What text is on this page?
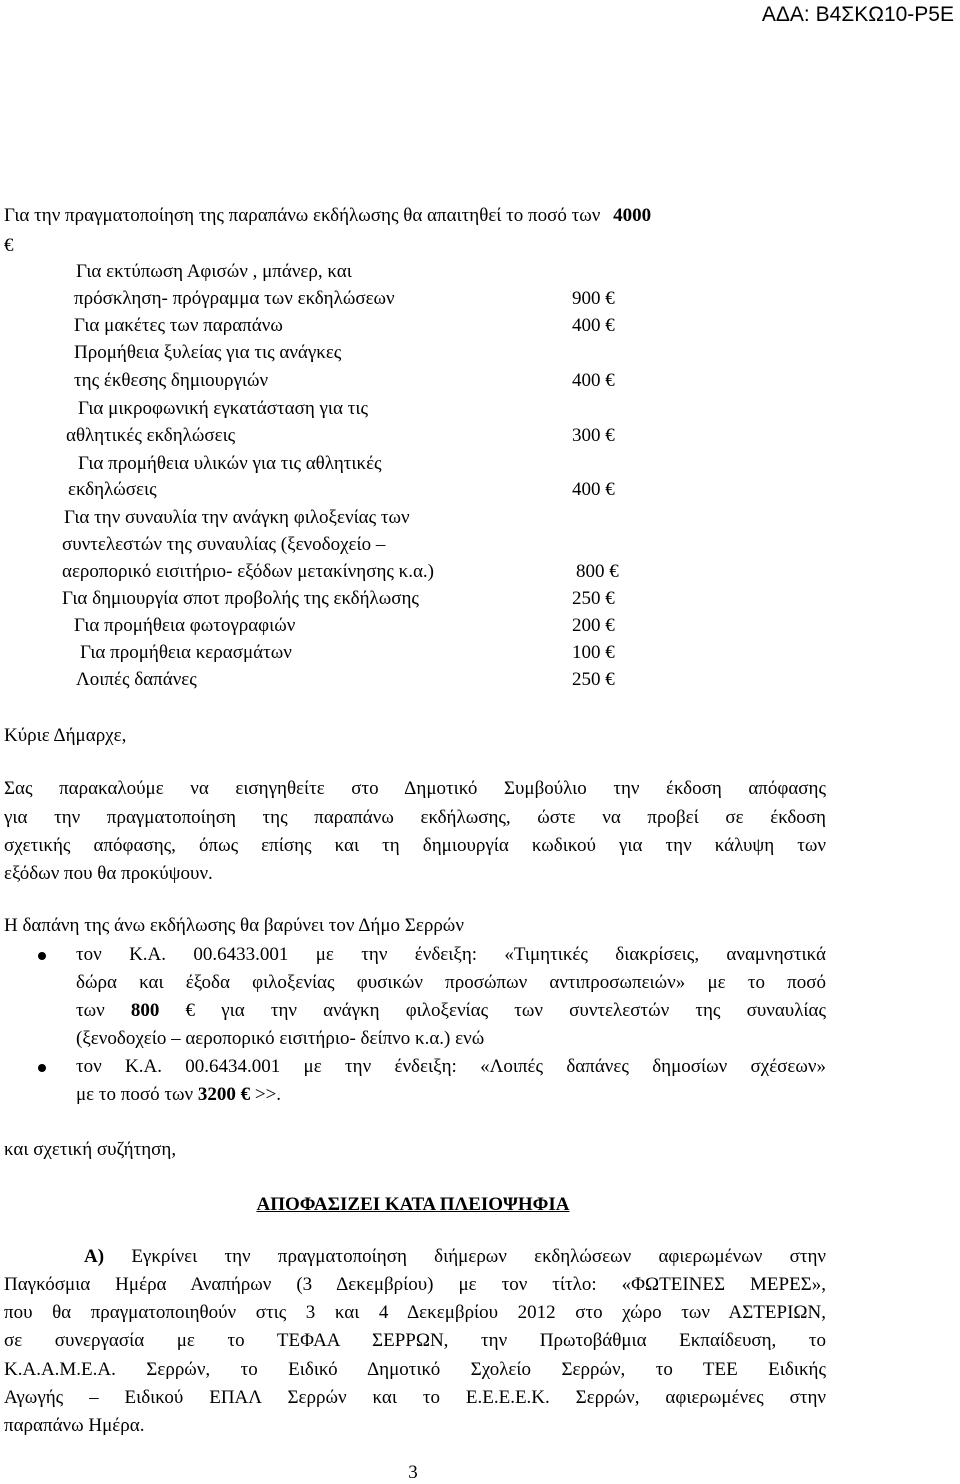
ΑΔΑ: Β4ΣΚΩ10-Ρ5Ε
Για την πραγματοποίηση της παραπάνω εκδήλωσης θα απαιτηθεί το ποσό των 4000
€
Για εκτύπωση Αφισών , μπάνερ, και
πρόσκληση- πρόγραμμα των εκδηλώσεων	900 €
Για μακέτες των παραπάνω	400 €
Προμήθεια ξυλείας για τις ανάγκες
της έκθεσης δημιουργιών	400 €
Για μικροφωνική εγκατάσταση για τις
αθλητικές εκδηλώσεις	300 €
Για προμήθεια υλικών για τις αθλητικές
εκδηλώσεις	400 €
Για την συναυλία την ανάγκη φιλοξενίας των
συντελεστών της συναυλίας (ξενοδοχείο –
αεροπορικό εισιτήριο- εξόδων μετακίνησης κ.α.)	800 €
Για δημιουργία σποτ προβολής της εκδήλωσης	250 €
Για προμήθεια φωτογραφιών	200 €
Για προμήθεια κερασμάτων	100 €
Λοιπές δαπάνες	250 €
Κύριε Δήμαρχε,
Σας παρακαλούμε να εισηγηθείτε στο Δημοτικό Συμβούλιο την έκδοση απόφασης
για την πραγματοποίηση της παραπάνω εκδήλωσης, ώστε να προβεί σε έκδοση
σχετικής απόφασης, όπως επίσης και τη δημιουργία κωδικού για την κάλυψη των
εξόδων που θα προκύψουν.
Η δαπάνη της άνω εκδήλωσης θα βαρύνει τον Δήμο Σερρών
τον Κ.Α. 00.6433.001 με την ένδειξη: «Τιμητικές διακρίσεις, αναμνηστικά
δώρα και έξοδα φιλοξενίας φυσικών προσώπων αντιπροσωπειών» με το ποσό
των 800 € για την ανάγκη φιλοξενίας των συντελεστών της συναυλίας
(ξενοδοχείο – αεροπορικό εισιτήριο- δείπνο κ.α.) ενώ
τον Κ.Α. 00.6434.001 με την ένδειξη: «Λοιπές δαπάνες δημοσίων σχέσεων»
με το ποσό των 3200 € >>.
και σχετική συζήτηση,
ΑΠΟΦΑΣΙΖΕΙ ΚΑΤΑ ΠΛΕΙΟΨΗΦΙΑ
Α) Εγκρίνει την πραγματοποίηση διήμερων εκδηλώσεων αφιερωμένων στην
Παγκόσμια Ημέρα Αναπήρων (3 Δεκεμβρίου) με τον τίτλο: «ΦΩΤΕΙΝΕΣ ΜΕΡΕΣ»,
που θα πραγματοποιηθούν στις 3 και 4 Δεκεμβρίου 2012 στο χώρο των ΑΣΤΕΡΙΩΝ,
σε συνεργασία με το ΤΕΦΑΑ ΣΕΡΡΩΝ, την Πρωτοβάθμια Εκπαίδευση, το
Κ.Α.Α.Μ.Ε.Α. Σερρών, το Ειδικό Δημοτικό Σχολείο Σερρών, το ΤΕΕ Ειδικής
Αγωγής – Ειδικού ΕΠΑΛ Σερρών και το Ε.Ε.Ε.Ε.Κ. Σερρών, αφιερωμένες στην
παραπάνω Ημέρα.
3
